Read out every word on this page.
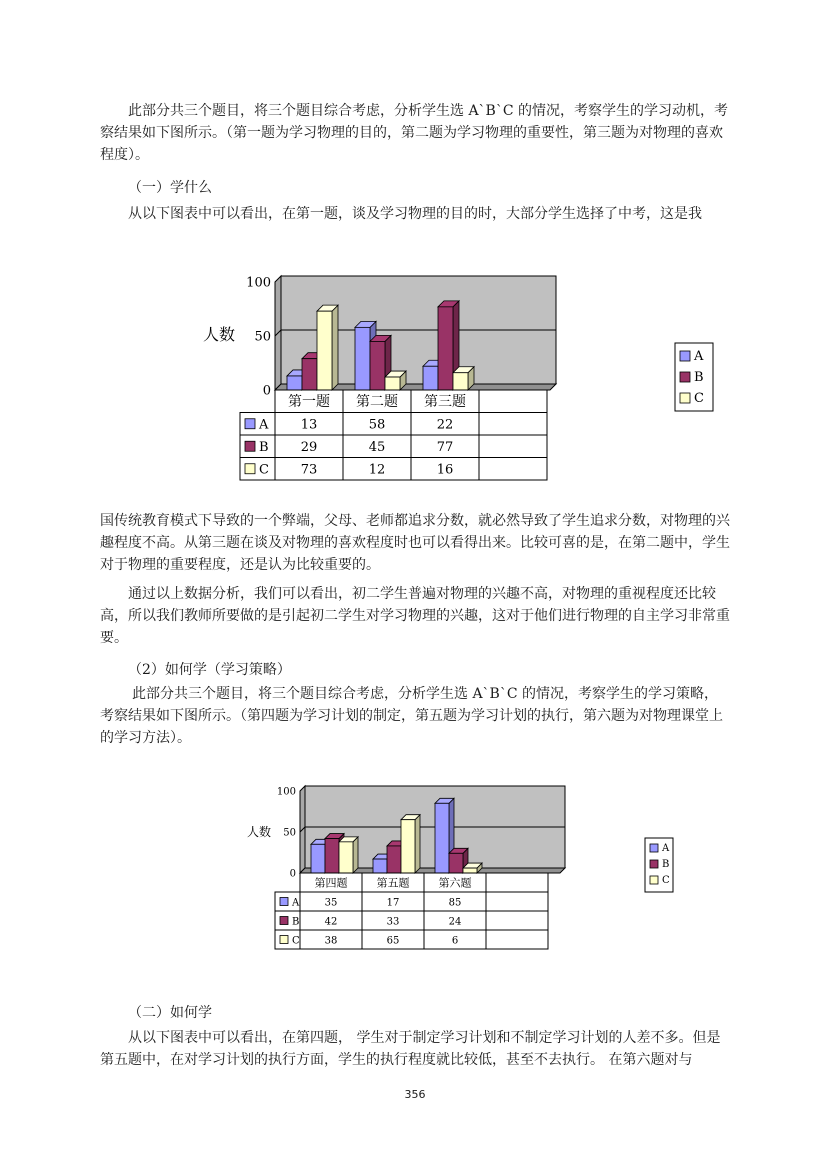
此部分共三个题目，将三个题目综合考虑，分析学生选 A`B`C 的情况，考察学生的学习动机，考察结果如下图所示。（第一题为学习物理的目的，第二题为学习物理的重要性，第三题为对物理的喜欢程度）。

（一）学什么

从以下图表中可以看出，在第一题，谈及学习物理的目的时，大部分学生选择了中考，这是我

0
50
100
人数
第一题 第二题 第三题
A 13	58	22
B 29	45	77
C 73	12	16
A
B
C

国传统教育模式下导致的一个弊端，父母、老师都追求分数，就必然导致了学生追求分数，对物理的兴趣程度不高。从第三题在谈及对物理的喜欢程度时也可以看得出来。比较可喜的是，在第二题中，学生对于物理的重要程度，还是认为比较重要的。

通过以上数据分析，我们可以看出，初二学生普遍对物理的兴趣不高，对物理的重视程度还比较高，所以我们教师所要做的是引起初二学生对学习物理的兴趣，这对于他们进行物理的自主学习非常重要。

（2）如何学（学习策略）

此部分共三个题目，将三个题目综合考虑，分析学生选 A`B`C 的情况，考察学生的学习策略，考察结果如下图所示。（第四题为学习计划的制定，第五题为学习计划的执行，第六题为对物理课堂上的学习方法）。

0
50
100
人数
第四题	第五题	第六题
A	35	17	85
B	42	33	24
C 38	65	6
A
B
C

（二）如何学

从以下图表中可以看出，在第四题， 学生对于制定学习计划和不制定学习计划的人差不多。但是第五题中，在对学习计划的执行方面，学生的执行程度就比较低，甚至不去执行。 在第六题对与

356
